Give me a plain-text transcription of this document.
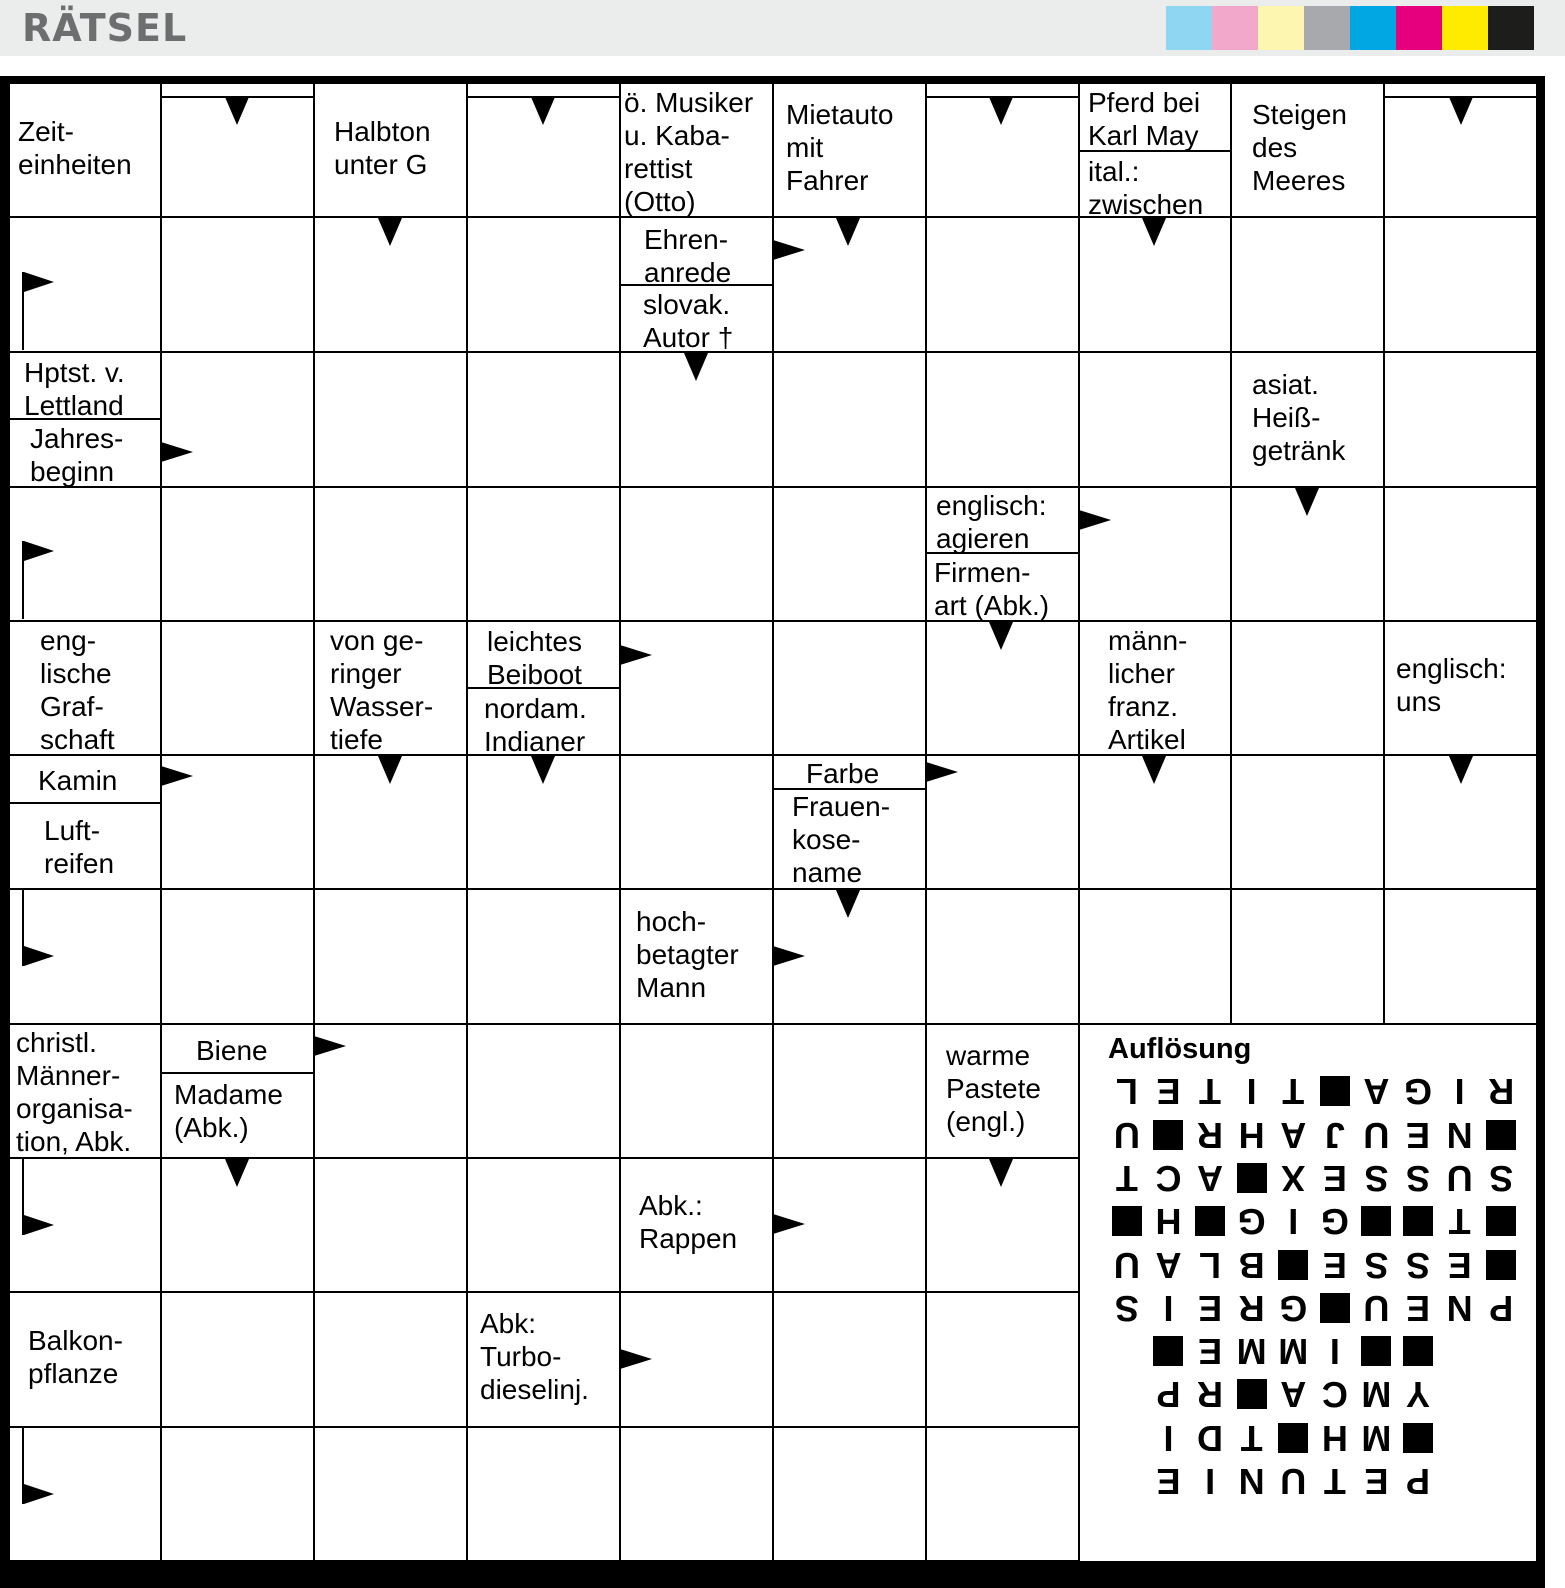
RÄTSEL
Auflösung
P
E
T
U
N
I
E
M
H
T
D
I
Y
M
C
A
R
P
I
M
M
E
P
N
E
U
G
R
E
I
S
E
S
S
E
B
L
A
U
T
G
I
G
H
S
U
S
S
E
X
A
C
T
N
E
U
J
A
H
R
U
R
I
G
A
T
I
T
E
L
Zeit-
einheiten
Halbton
unter G
ö. Musiker
u. Kaba-
rettist
(Otto)
Mietauto
mit
Fahrer
Pferd bei
Karl May
ital.:
zwischen
Steigen
des
Meeres
Ehren-
anrede
slovak.
Autor †
Hptst. v.
Lettland
Jahres-
beginn
asiat.
Heiß-
getränk
englisch:
agieren
Firmen-
art (Abk.)
eng-
lische
Graf-
schaft
von ge-
ringer
Wasser-
tiefe
leichtes
Beiboot
nordam.
Indianer
männ-
licher
franz.
Artikel
englisch:
uns
Kamin
Luft-
reifen
Farbe
Frauen-
kose-
name
hoch-
betagter
Mann
christl.
Männer-
organisa-
tion, Abk.
Biene
Madame
(Abk.)
warme
Pastete
(engl.)
Abk.:
Rappen
Balkon-
pflanze
Abk:
Turbo-
dieselinj.
